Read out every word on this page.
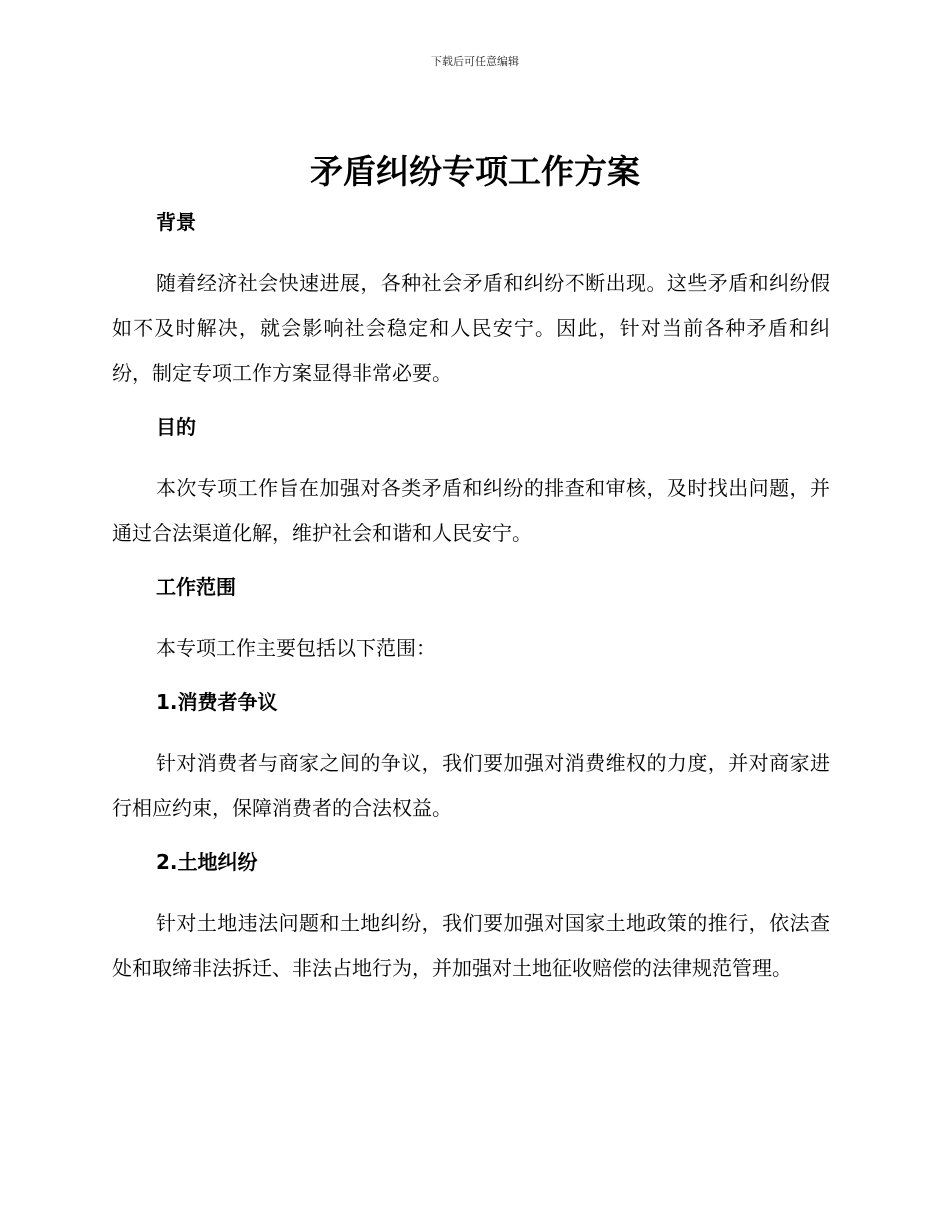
下载后可任意编辑
矛盾纠纷专项工作方案
背景

随着经济社会快速进展，各种社会矛盾和纠纷不断出现。这些矛盾和纠纷假如不及时解决，就会影响社会稳定和人民安宁。因此，针对当前各种矛盾和纠纷，制定专项工作方案显得非常必要。

目的

本次专项工作旨在加强对各类矛盾和纠纷的排查和审核，及时找出问题，并通过合法渠道化解，维护社会和谐和人民安宁。

工作范围

本专项工作主要包括以下范围：

1.消费者争议

针对消费者与商家之间的争议，我们要加强对消费维权的力度，并对商家进行相应约束，保障消费者的合法权益。

2.土地纠纷

针对土地违法问题和土地纠纷，我们要加强对国家土地政策的推行，依法查处和取缔非法拆迁、非法占地行为，并加强对土地征收赔偿的法律规范管理。
